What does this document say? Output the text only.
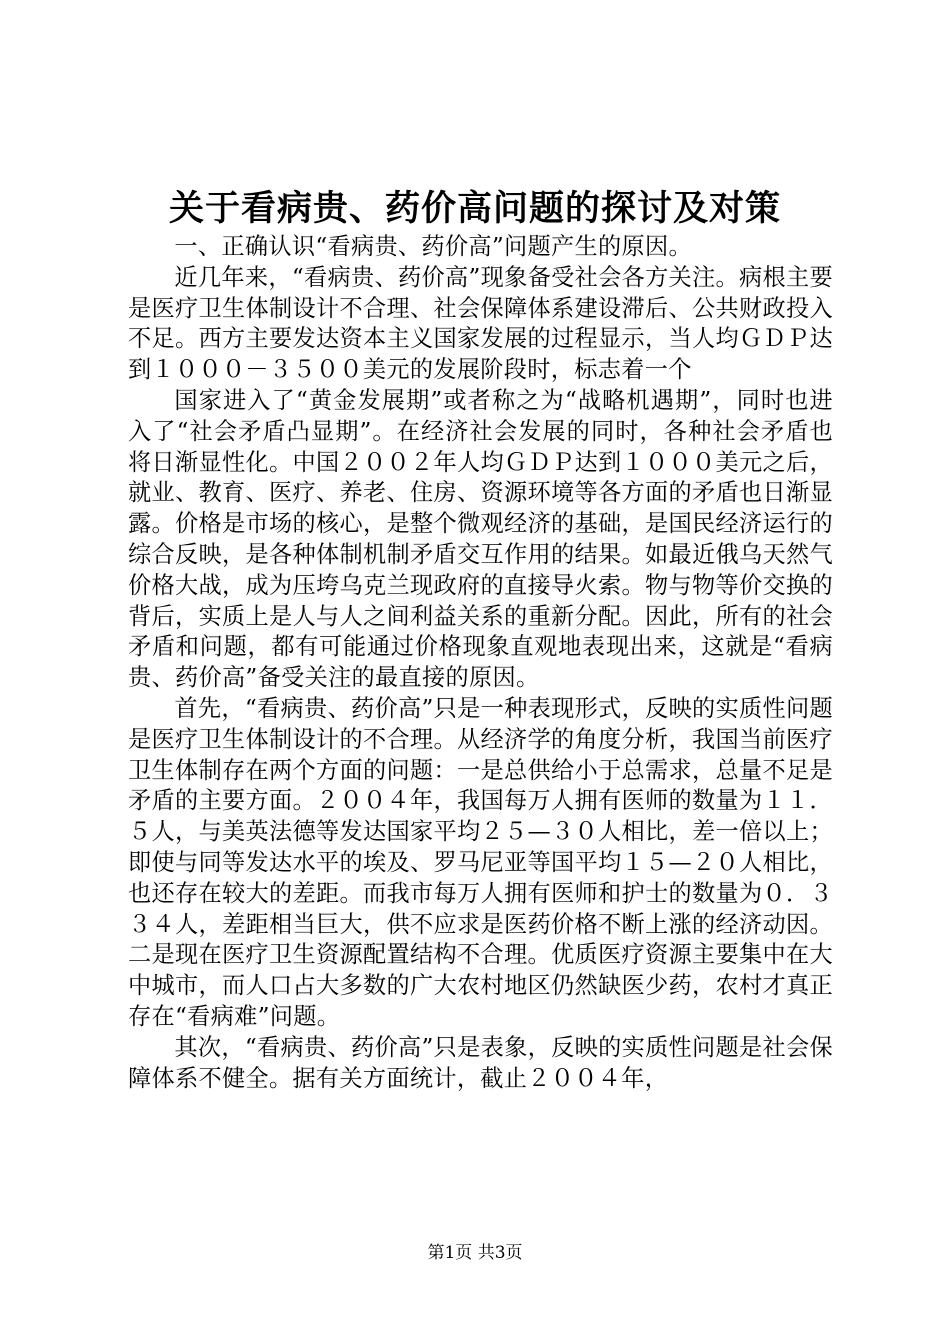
关于看病贵、药价高问题的探讨及对策

一、正确认识“看病贵、药价高”问题产生的原因。

近几年来，“看病贵、药价高”现象备受社会各方关注。病根主要是医疗卫生体制设计不合理、社会保障体系建设滞后、公共财政投入不足。西方主要发达资本主义国家发展的过程显示，当人均ＧＤＰ达到１０００－３５００美元的发展阶段时，标志着一个

国家进入了“黄金发展期”或者称之为“战略机遇期”，同时也进入了“社会矛盾凸显期”。在经济社会发展的同时，各种社会矛盾也将日渐显性化。中国２００２年人均ＧＤＰ达到１０００美元之后，就业、教育、医疗、养老、住房、资源环境等各方面的矛盾也日渐显露。价格是市场的核心，是整个微观经济的基础，是国民经济运行的综合反映，是各种体制机制矛盾交互作用的结果。如最近俄乌天然气价格大战，成为压垮乌克兰现政府的直接导火索。物与物等价交换的背后，实质上是人与人之间利益关系的重新分配。因此，所有的社会矛盾和问题，都有可能通过价格现象直观地表现出来，这就是“看病贵、药价高”备受关注的最直接的原因。

首先，“看病贵、药价高”只是一种表现形式，反映的实质性问题是医疗卫生体制设计的不合理。从经济学的角度分析，我国当前医疗卫生体制存在两个方面的问题：一是总供给小于总需求，总量不足是矛盾的主要方面。２００４年，我国每万人拥有医师的数量为１１．５人，与美英法德等发达国家平均２５—３０人相比，差一倍以上；即使与同等发达水平的埃及、罗马尼亚等国平均１５—２０人相比，也还存在较大的差距。而我市每万人拥有医师和护士的数量为０．３３４人，差距相当巨大，供不应求是医药价格不断上涨的经济动因。二是现在医疗卫生资源配置结构不合理。优质医疗资源主要集中在大中城市，而人口占大多数的广大农村地区仍然缺医少药，农村才真正存在“看病难”问题。

其次，“看病贵、药价高”只是表象，反映的实质性问题是社会保障体系不健全。据有关方面统计，截止２００４年，

第1页 共3页
